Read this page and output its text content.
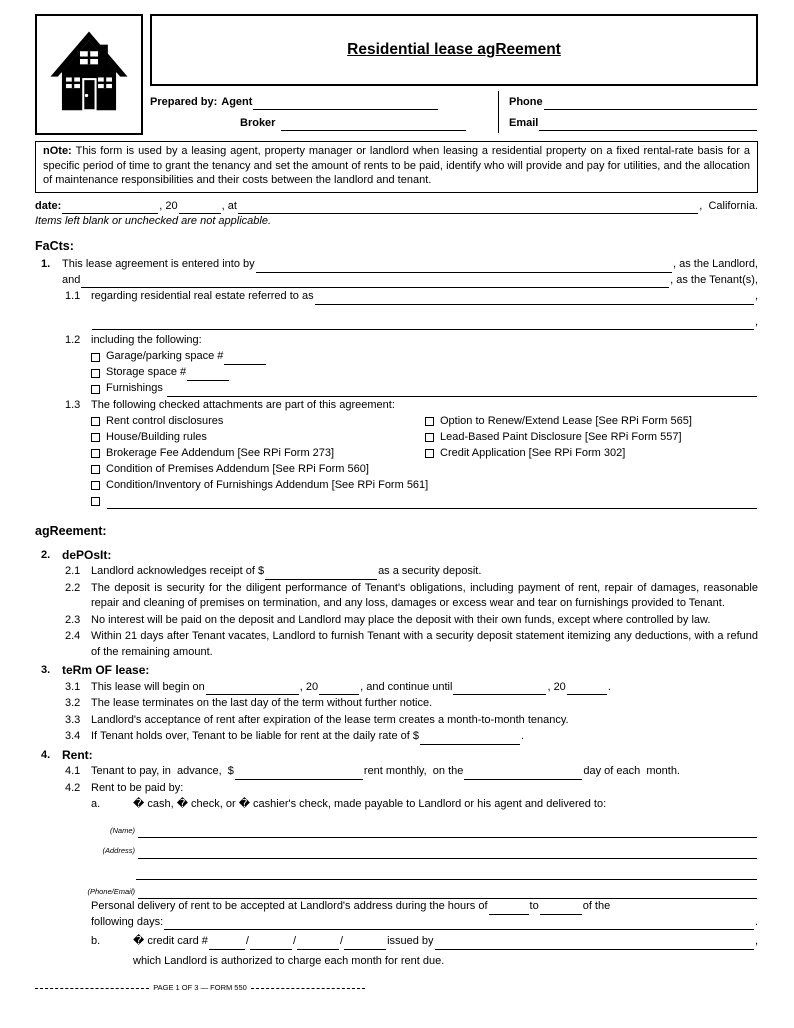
Residential lease agReement
Prepared by: Agent
Broker
Phone
Email
nOte: This form is used by a leasing agent, property manager or landlord when leasing a residential property on a fixed rental-rate basis for a specific period of time to grant the tenancy and set the amount of rents to be paid, identify who will provide and pay for utilities, and the allocation of maintenance responsibilities and their costs between the landlord and tenant.
date:	, 20	, at	,  California.
Items left blank or unchecked are not applicable.
FaCts:
1.	This lease agreement is entered into by	, as the Landlord,
and	, as the Tenant(s),
1.1 regarding residential real estate referred to as	,
,
1.2 including the following:
Garage/parking space #
Storage space #
Furnishings
1.3 The following checked attachments are part of this agreement:
Rent control disclosures
House/Building rules
Brokerage Fee Addendum [See RPi Form 273]
Option to Renew/Extend Lease [See RPi Form 565]
Lead-Based Paint Disclosure [See RPi Form 557]
Credit Application [See RPi Form 302]
Condition of Premises Addendum [See RPi Form 560]
Condition/Inventory of Furnishings Addendum [See RPi Form 561]
agReement:
2. dePOsIt:
2.1 Landlord acknowledges receipt of $	as a security deposit.
2.2 The deposit is security for the diligent performance of Tenant's obligations, including payment of rent, repair of damages, reasonable repair and cleaning of premises on termination, and any loss, damages or excess wear and tear on furnishings provided to Tenant.
2.3 No interest will be paid on the deposit and Landlord may place the deposit with their own funds, except where controlled by law.
2.4 Within 21 days after Tenant vacates, Landlord to furnish Tenant with a security deposit statement itemizing any deductions, with a refund of the remaining amount.
3. teRm OF lease:
3.1 This lease will begin on	, 20	, and continue until	, 20	.
3.2 The lease terminates on the last day of the term without further notice.
3.3 Landlord's acceptance of rent after expiration of the lease term creates a month-to-month tenancy.
3.4 If Tenant holds over, Tenant to be liable for rent at the daily rate of $	.
4. Rent:
4.1 Tenant to pay, in  advance,  $	rent monthly,  on the	day of each  month.
4.2 Rent to be paid by:
a.	� cash, � check, or � cashier's check, made payable to Landlord or his agent and delivered to:
(Name)
(Address)
(Phone/Email)
Personal delivery of rent to be accepted at Landlord's address during the hours of	to	of the
following days:	.
b.	� credit card #	/	/	/	issued by	,
which Landlord is authorized to charge each month for rent due.
PAGE 1 OF 3 — FORM 550
